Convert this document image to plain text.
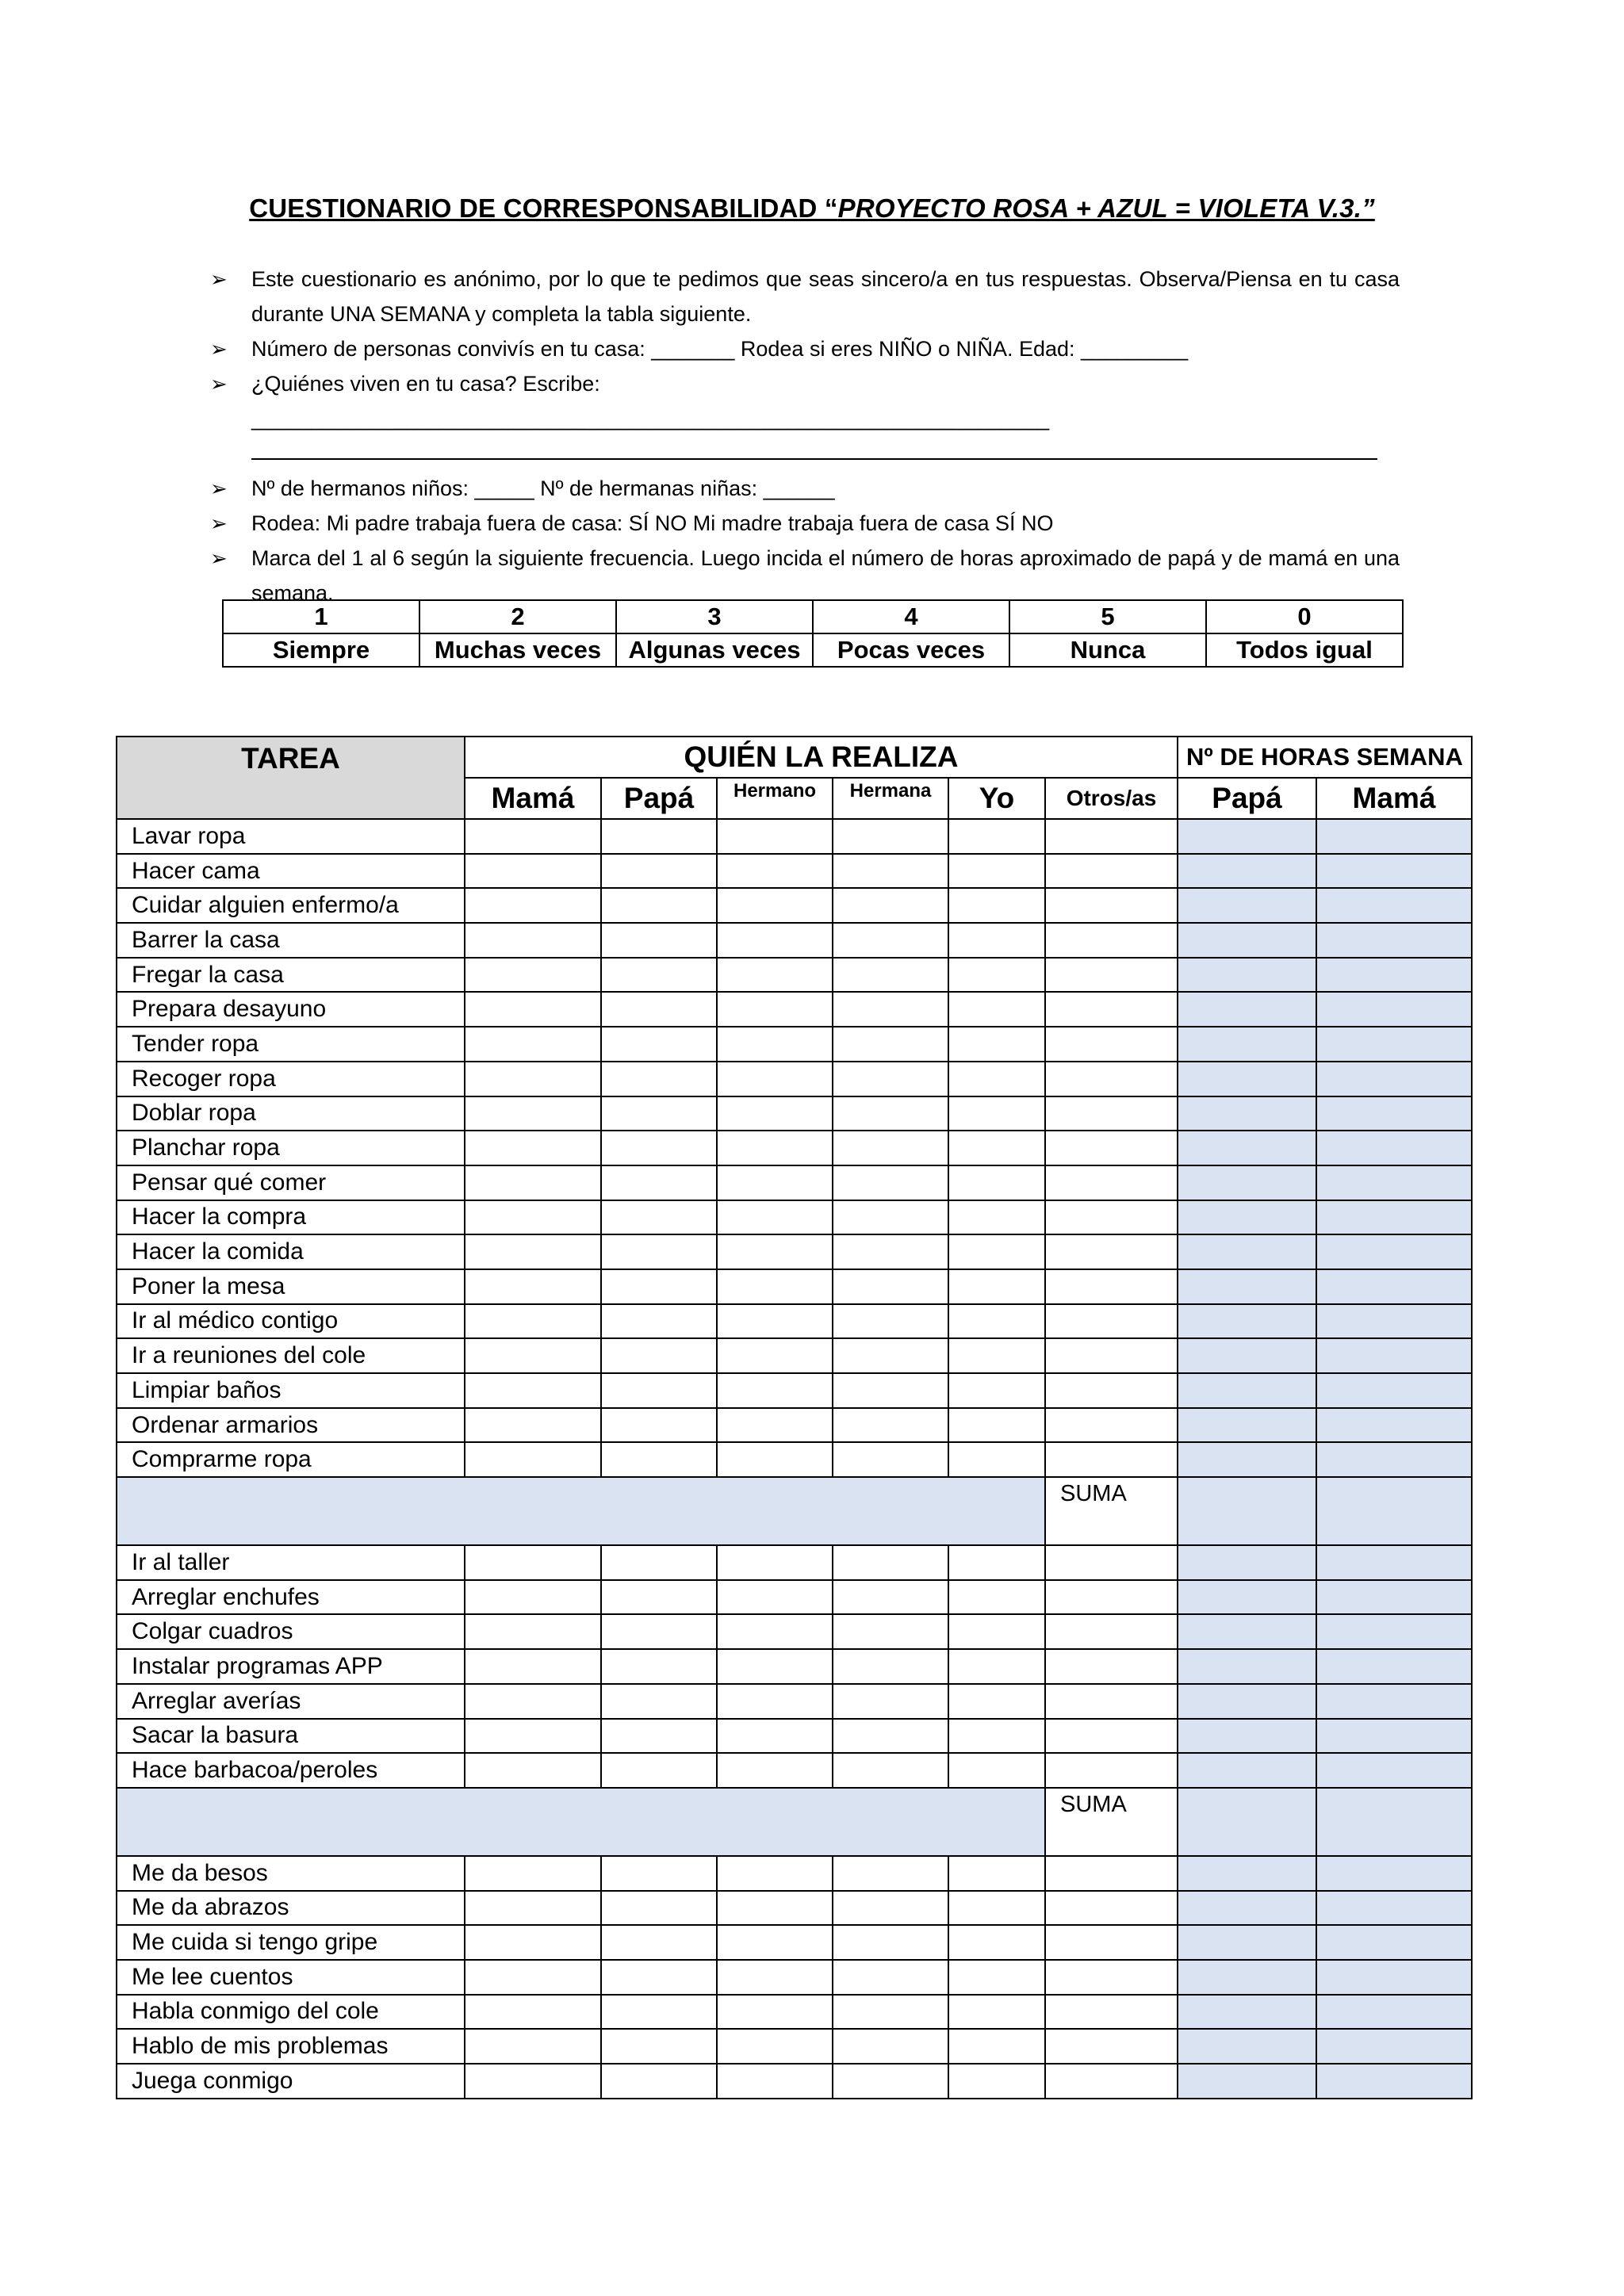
CUESTIONARIO DE CORRESPONSABILIDAD “PROYECTO ROSA + AZUL = VIOLETA V.3.”
➢ Este cuestionario es anónimo, por lo que te pedimos que seas sincero/a en tus respuestas. Observa/Piensa en tu casa durante UNA SEMANA y completa la tabla siguiente.
➢ Número de personas convivís en tu casa: _______ Rodea si eres NIÑO o NIÑA. Edad: _________
➢ ¿Quiénes viven en tu casa? Escribe: ___________________________________________________________________
➢ Nº de hermanos niños: _____ Nº de hermanas niñas: ______
➢ Rodea: Mi padre trabaja fuera de casa: SÍ NO Mi madre trabaja fuera de casa SÍ NO
➢ Marca del 1 al 6 según la siguiente frecuencia. Luego incida el número de horas aproximado de papá y de mamá en una semana.
1	2	3	4	5	0
Siempre	Muchas veces	Algunas veces	Pocas veces	Nunca	Todos igual
TAREA	QUIÉN LA REALIZA						Nº DE HORAS SEMANA	
	Mamá	Papá	Hermano	Hermana	Yo	Otros/as	Papá	Mamá
Lavar ropa								
Hacer cama								
Cuidar alguien enfermo/a								
Barrer la casa								
Fregar la casa								
Prepara desayuno								
Tender ropa								
Recoger ropa								
Doblar ropa								
Planchar ropa								
Pensar qué comer								
Hacer la compra								
Hacer la comida								
Poner la mesa								
Ir al médico contigo								
Ir a reuniones del cole								
Limpiar baños								
Ordenar armarios								
Comprarme ropa								
						SUMA		
Ir al taller								
Arreglar enchufes								
Colgar cuadros								
Instalar programas APP								
Arreglar averías								
Sacar la basura								
Hace barbacoa/peroles								
						SUMA		
Me da besos								
Me da abrazos								
Me cuida si tengo gripe								
Me lee cuentos								
Habla conmigo del cole								
Hablo de mis problemas								
Juega conmigo								
